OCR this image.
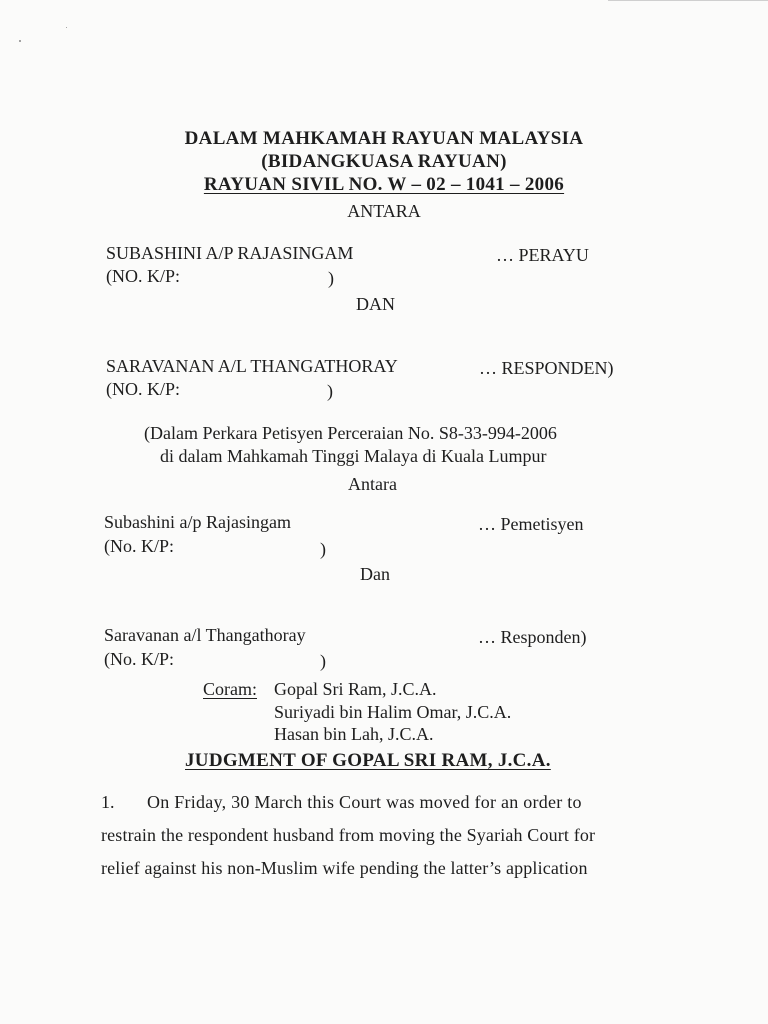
DALAM MAHKAMAH RAYUAN MALAYSIA
(BIDANGKUASA RAYUAN)
RAYUAN SIVIL NO. W – 02 – 1041 – 2006
ANTARA
SUBASHINI A/P RAJASINGAM	… PERAYU
(NO. K/P:	)
DAN
SARAVANAN A/L THANGATHORAY	… RESPONDEN)
(NO. K/P:	)
(Dalam Perkara Petisyen Perceraian No. S8-33-994-2006
di dalam Mahkamah Tinggi Malaya di Kuala Lumpur
Antara
Subashini a/p Rajasingam	… Pemetisyen
(No. K/P:	)
Dan
Saravanan a/l Thangathoray	… Responden)
(No. K/P:	)
Coram: Gopal Sri Ram, J.C.A.
Suriyadi bin Halim Omar, J.C.A.
Hasan bin Lah, J.C.A.
JUDGMENT OF GOPAL SRI RAM, J.C.A.
1. On Friday, 30 March this Court was moved for an order to
restrain the respondent husband from moving the Syariah Court for
relief against his non-Muslim wife pending the latter’s application
